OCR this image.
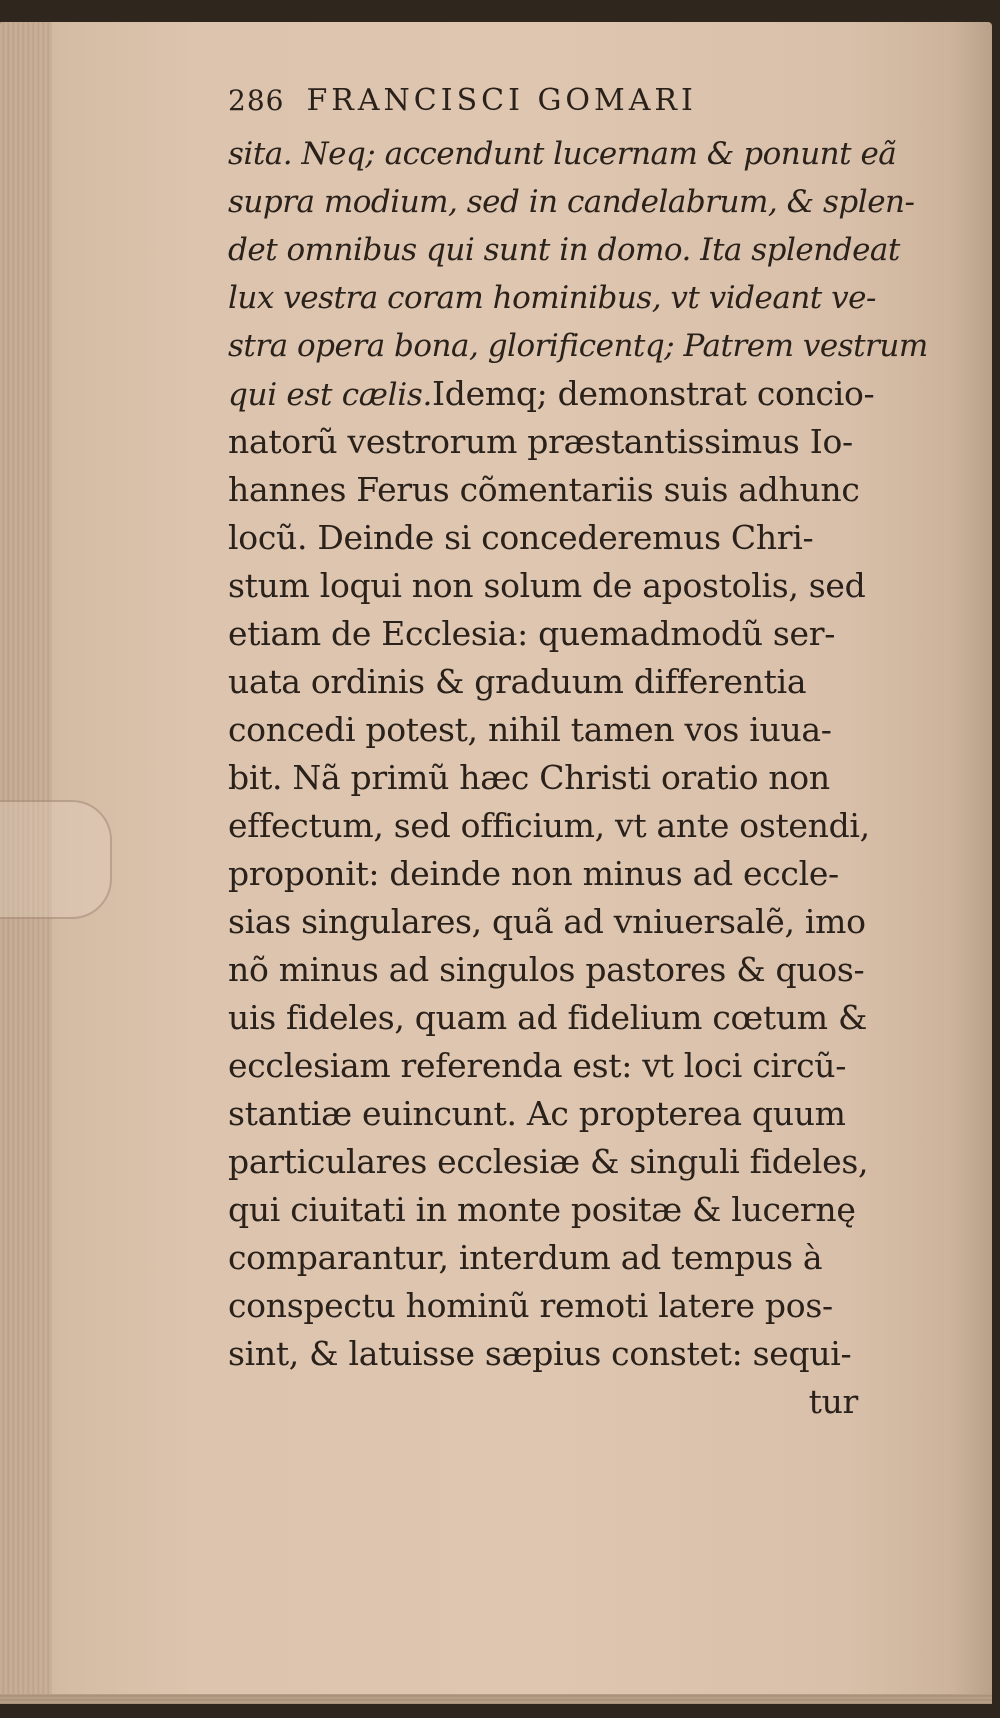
286 FRANCISCI GOMARI
sita. Neq; accendunt lucernam & ponunt eã
supra modium, sed in candelabrum, & splen-
det omnibus qui sunt in domo. Ita splendeat
lux vestra coram hominibus, vt videant ve-
stra opera bona, glorificentq; Patrem vestrum
qui est cælis.Idemq; demonstrat concio-
natorũ vestrorum præstantissimus Io-
hannes Ferus cõmentariis suis adhunc
locũ. Deinde si concederemus Chri-
stum loqui non solum de apostolis, sed
etiam de Ecclesia: quemadmodũ ser-
uata ordinis & graduum differentia
concedi potest, nihil tamen vos iuua-
bit. Nã primũ hæc Christi oratio non
effectum, sed officium, vt ante ostendi,
proponit: deinde non minus ad eccle-
sias singulares, quã ad vniuersalẽ, imo
nõ minus ad singulos pastores & quos-
uis fideles, quam ad fidelium cœtum &
ecclesiam referenda est: vt loci circũ-
stantiæ euincunt. Ac propterea quum
particulares ecclesiæ & singuli fideles,
qui ciuitati in monte positæ & lucernę
comparantur, interdum ad tempus à
conspectu hominũ remoti latere pos-
sint, & latuisse sæpius constet: sequi-
tur
